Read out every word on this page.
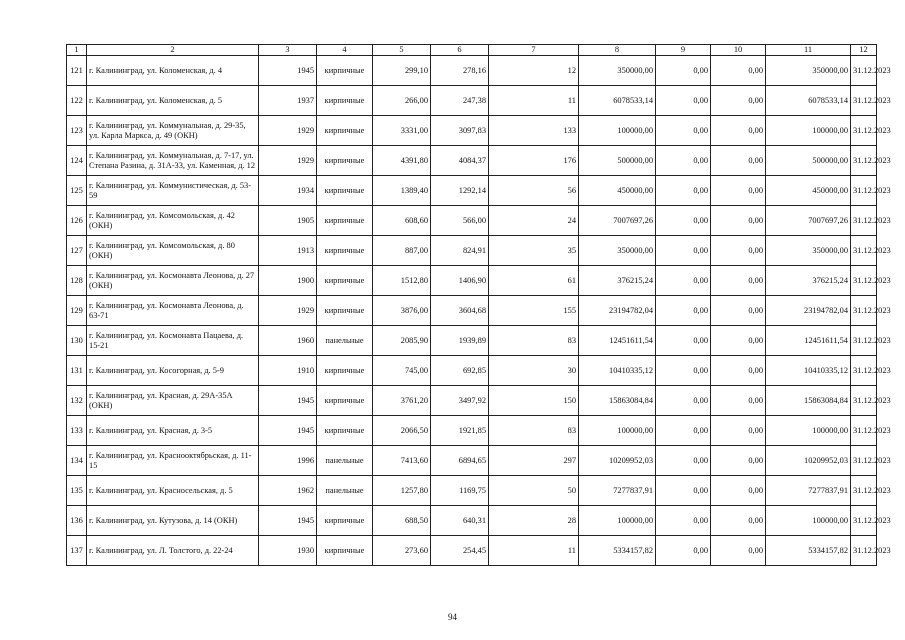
1	2	3	4	5	6	7	8	9	10	11	12
121	г. Калининград, ул. Коломенская, д. 4	1945	кирпичные	299,10	278,16	12	350000,00	0,00	0,00	350000,00	31.12.2023
122	г. Калининград, ул. Коломенская, д. 5	1937	кирпичные	266,00	247,38	11	6078533,14	0,00	0,00	6078533,14	31.12.2023
123	г. Калининград, ул. Коммунальная, д. 29-35, ул. Карла Маркса, д. 49 (ОКН)	1929	кирпичные	3331,00	3097,83	133	100000,00	0,00	0,00	100000,00	31.12.2023
124	г. Калининград, ул. Коммунальная, д. 7-17, ул. Степана Разина, д. 31А-33, ул. Каменная, д. 12	1929	кирпичные	4391,80	4084,37	176	500000,00	0,00	0,00	500000,00	31.12.2023
125	г. Калининград, ул. Коммунистическая, д. 53-59	1934	кирпичные	1389,40	1292,14	56	450000,00	0,00	0,00	450000,00	31.12.2023
126	г. Калининград, ул. Комсомольская, д. 42 (ОКН)	1905	кирпичные	608,60	566,00	24	7007697,26	0,00	0,00	7007697,26	31.12.2023
127	г. Калининград, ул. Комсомольская, д. 80 (ОКН)	1913	кирпичные	887,00	824,91	35	350000,00	0,00	0,00	350000,00	31.12.2023
128	г. Калининград, ул. Космонавта Леонова, д. 27 (ОКН)	1900	кирпичные	1512,80	1406,90	61	376215,24	0,00	0,00	376215,24	31.12.2023
129	г. Калининград, ул. Космонавта Леонова, д. 63-71	1929	кирпичные	3876,00	3604,68	155	23194782,04	0,00	0,00	23194782,04	31.12.2023
130	г. Калининград, ул. Космонавта Пацаева, д. 15-21	1960	панельные	2085,90	1939,89	83	12451611,54	0,00	0,00	12451611,54	31.12.2023
131	г. Калининград, ул. Косогорная, д. 5-9	1910	кирпичные	745,00	692,85	30	10410335,12	0,00	0,00	10410335,12	31.12.2023
132	г. Калининград, ул. Красная, д. 29А-35А (ОКН)	1945	кирпичные	3761,20	3497,92	150	15863084,84	0,00	0,00	15863084,84	31.12.2023
133	г. Калининград, ул. Красная, д. 3-5	1945	кирпичные	2066,50	1921,85	83	100000,00	0,00	0,00	100000,00	31.12.2023
134	г. Калининград, ул. Краснооктябрьская, д. 11-15	1996	панельные	7413,60	6894,65	297	10209952,03	0,00	0,00	10209952,03	31.12.2023
135	г. Калининград, ул. Красносельская, д. 5	1962	панельные	1257,80	1169,75	50	7277837,91	0,00	0,00	7277837,91	31.12.2023
136	г. Калининград, ул. Кутузова, д. 14 (ОКН)	1945	кирпичные	688,50	640,31	28	100000,00	0,00	0,00	100000,00	31.12.2023
137	г. Калининград, ул. Л. Толстого, д. 22-24	1930	кирпичные	273,60	254,45	11	5334157,82	0,00	0,00	5334157,82	31.12.2023
94
